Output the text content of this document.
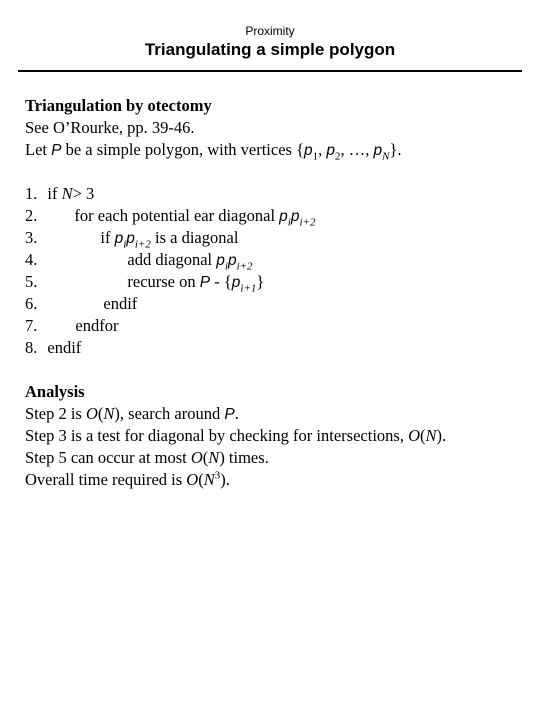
Proximity
Triangulating a simple polygon
Triangulation by otectomy
See O’Rourke, pp. 39-46.
Let P be a simple polygon, with vertices {$p_1$, $p_2$, …, $p_N$}.
1. if N> 3
2. for each potential ear diagonal $p_ip_{i+2}$
3.	if $p_ip_{i+2}$ is a diagonal
4.	add diagonal $p_ip_{i+2}$
5.	recurse on P - $\{p_{i+1}\}$
6.	endif
7. endfor
8. endif
Analysis
Step 2 is O(N), search around P.
Step 3 is a test for diagonal by checking for intersections, O(N).
Step 5 can occur at most O(N) times.
Overall time required is $O(N^3)$.
